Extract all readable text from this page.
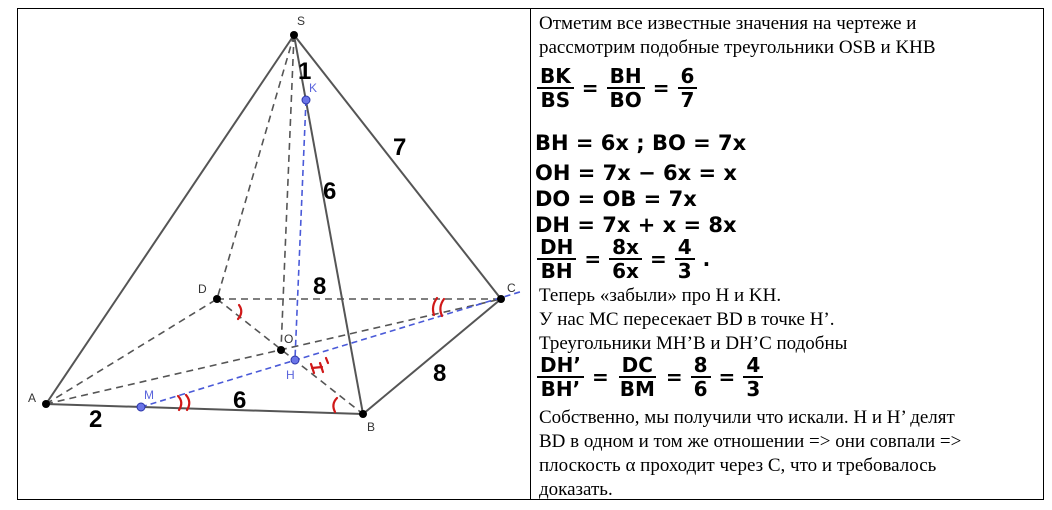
S
D	C
O
A
B
K
H
M
H'
1
7
6
8
8
6
2
Отметим все известные значения на чертеже и
рассмотрим подобные треугольники OSB и KHB
$\frac{BK}{BS} = \frac{BH}{BO} = \frac{6}{7}$
BH = 6x ; BO = 7x
OH = 7x − 6x = x
DO = OB = 7x
DH = 7x + x = 8x
$\frac{DH}{BH} = \frac{8x}{6x} = \frac{4}{3}$ .
Теперь «забыли» про H и KH.
У нас MC пересекает BD в точке H’.
Треугольники MH’B и DH’C подобны
$\frac{DH’}{BH’} = \frac{DC}{BM} = \frac{8}{6} = \frac{4}{3}$
Собственно, мы получили что искали. H и H’ делят
BD в одном и том же отношении => они совпали =>
плоскость α проходит через C, что и требовалось
доказать.
